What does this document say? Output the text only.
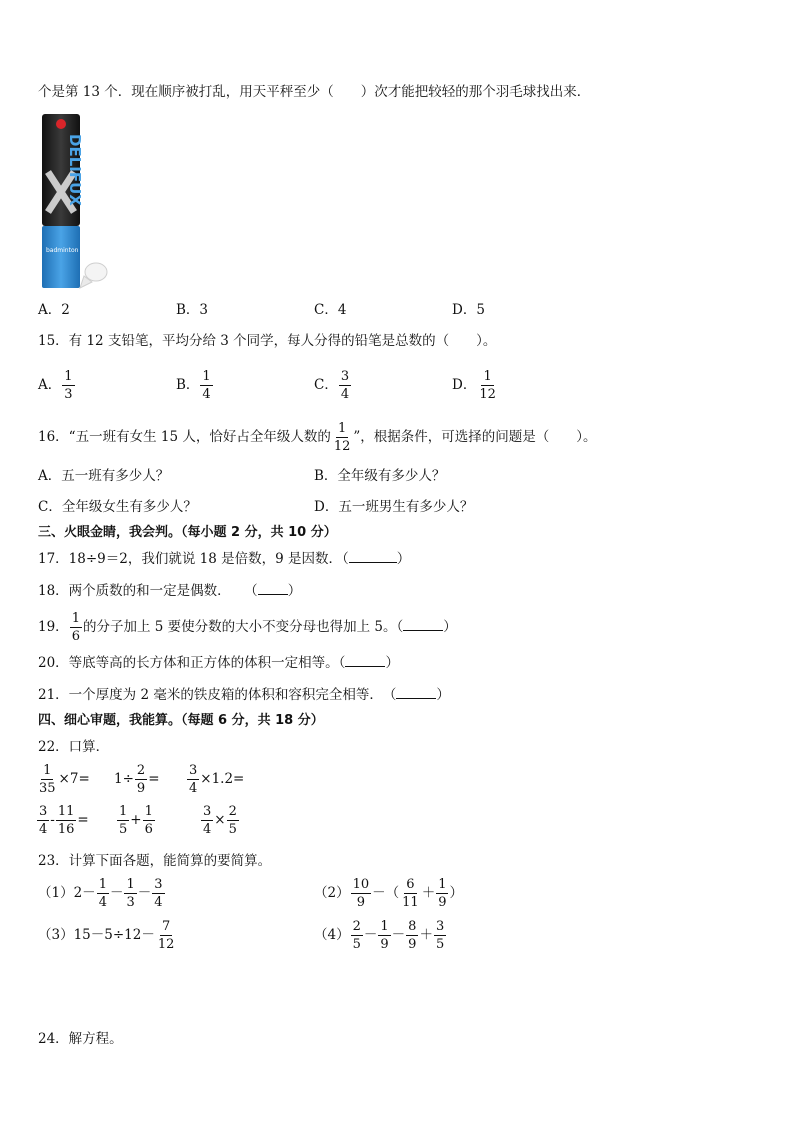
个是第 13 个．现在顺序被打乱，用天平秤至少（　　）次才能把较轻的那个羽毛球找出来．
DELIFUX
badminton
A．2	B．3	C．4	D．5
15．有 12 支铅笔，平均分给 3 个同学，每人分得的铅笔是总数的（　　）。
A． $\frac{1}{3}$	B． $\frac{1}{4}$	C． $\frac{3}{4}$	D． $\frac{1}{12}$
16．“五一班有女生 15 人，恰好占全年级人数的 $\frac{1}{12}$ ”，根据条件，可选择的问题是（　　）。
A．五一班有多少人？	B．全年级有多少人？
C．全年级女生有多少人？	D．五一班男生有多少人？
三、火眼金睛，我会判。（每小题 2 分，共 10 分）
17．18÷9＝2，我们就说 18 是倍数，9 是因数．（	）
18．两个质数的和一定是偶数．　　（ ）
19． $\frac{1}{6}$ 的分子加上 5 要使分数的大小不变分母也得加上 5。（	）
20．等底等高的长方体和正方体的体积一定相等。（	）
21．一个厚度为 2 毫米的铁皮箱的体积和容积完全相等．　（	）
四、细心审题，我能算。（每题 6 分，共 18 分）
22．口算．
$\frac{1}{35} \times 7= 1\div \frac{2}{9} = \frac{3}{4} \times 1.2=$
$\frac{3}{4} - \frac{11}{16} = \frac{1}{5} + \frac{1}{6}$	$\frac{3}{4} \times \frac{2}{5}$
23．计算下面各题，能简算的要简算。
$(1)2- \frac{1}{4} - \frac{1}{3} - \frac{3}{4}$	$(2) \frac{10}{9}$ －（ $\frac{6}{11} + \frac{1}{9}$ ）
$(3)15-5\div 12- \frac{7}{12}$	$(4) \frac{2}{5} - \frac{1}{9} - \frac{8}{9} + \frac{3}{5}$
24．解方程。
